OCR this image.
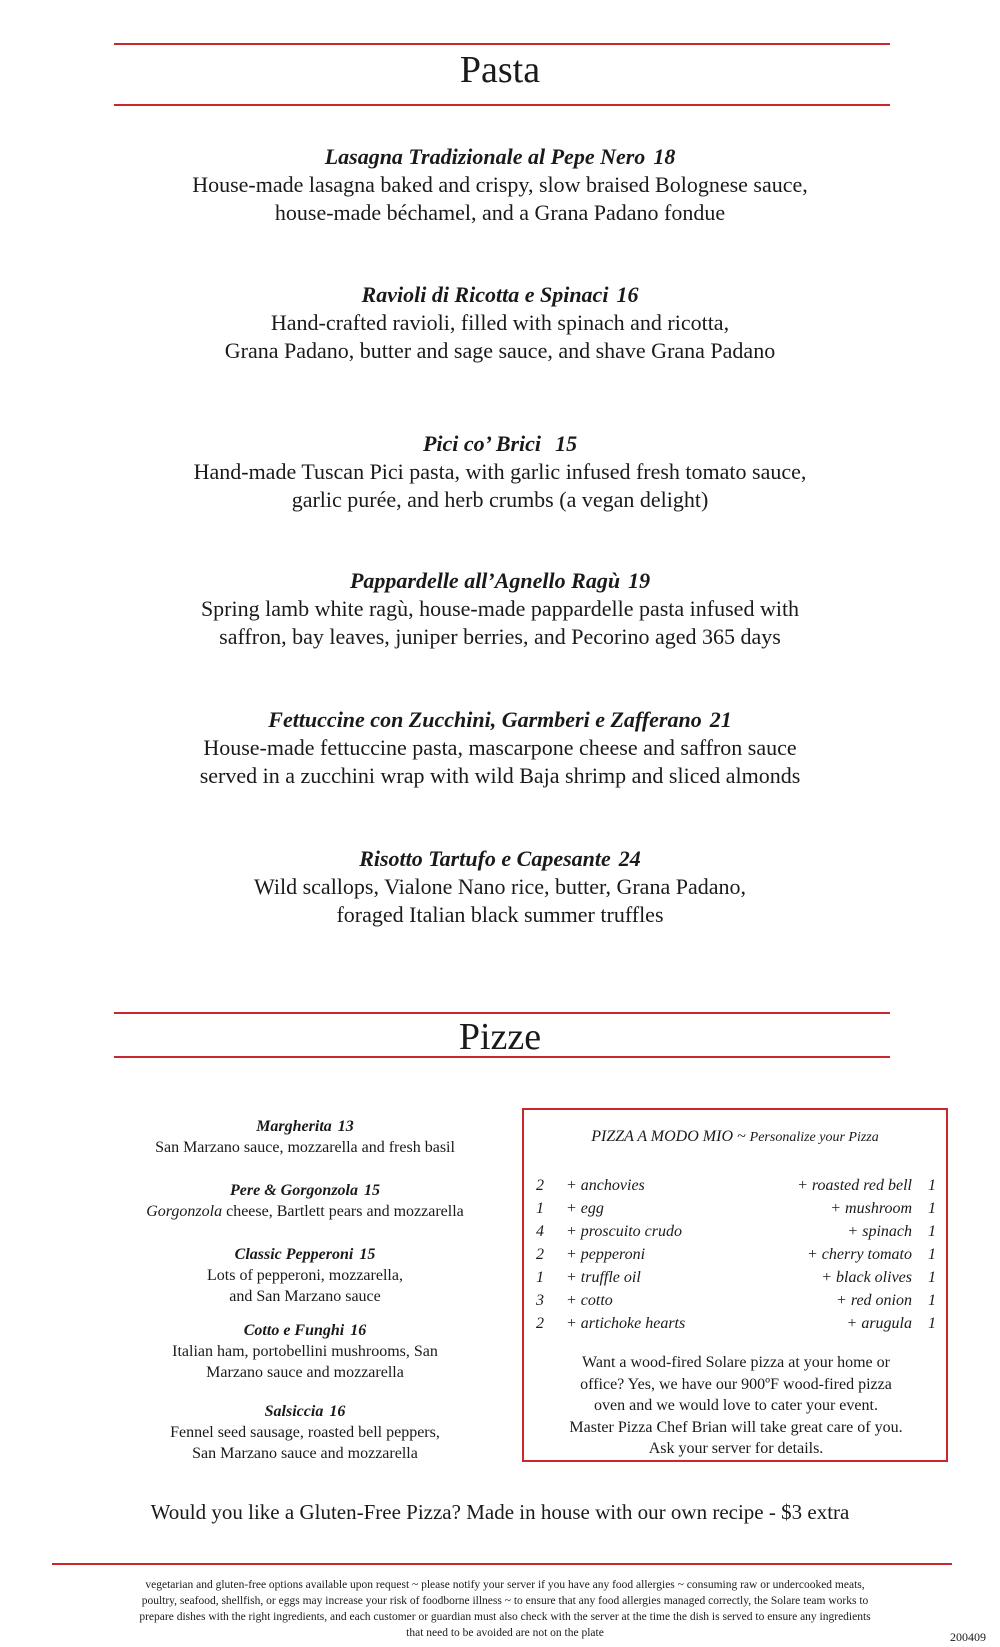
Pasta
Lasagna Tradizionale al Pepe Nero 18
House-made lasagna baked and crispy, slow braised Bolognese sauce,
house-made béchamel, and a Grana Padano fondue
Ravioli di Ricotta e Spinaci 16
Hand-crafted ravioli, filled with spinach and ricotta,
Grana Padano, butter and sage sauce, and shave Grana Padano
Pici co’ Brici 15
Hand-made Tuscan Pici pasta, with garlic infused fresh tomato sauce,
garlic purée, and herb crumbs (a vegan delight)
Pappardelle all’Agnello Ragù 19
Spring lamb white ragù, house-made pappardelle pasta infused with
saffron, bay leaves, juniper berries, and Pecorino aged 365 days
Fettuccine con Zucchini, Garmberi e Zafferano 21
House-made fettuccine pasta, mascarpone cheese and saffron sauce
served in a zucchini wrap with wild Baja shrimp and sliced almonds
Risotto Tartufo e Capesante 24
Wild scallops, Vialone Nano rice, butter, Grana Padano,
foraged Italian black summer truffles
Pizze
Margherita 13
San Marzano sauce, mozzarella and fresh basil
Pere & Gorgonzola 15
Gorgonzola cheese, Bartlett pears and mozzarella
Classic Pepperoni 15
Lots of pepperoni, mozzarella,
and San Marzano sauce
Cotto e Funghi 16
Italian ham, portobellini mushrooms, San
Marzano sauce and mozzarella
Salsiccia 16
Fennel seed sausage, roasted bell peppers,
San Marzano sauce and mozzarella
PIZZA A MODO MIO ~ Personalize your Pizza
2 + anchovies
1 + egg
4 + proscuito crudo
2 + pepperoni
1 + truffle oil
3 + cotto
2 + artichoke hearts
+ roasted red bell 1
+ mushroom 1
+ spinach 1
+ cherry tomato 1
+ black olives 1
+ red onion 1
+ arugula 1
Want a wood-fired Solare pizza at your home or
office? Yes, we have our 900ºF wood-fired pizza
oven and we would love to cater your event.
Master Pizza Chef Brian will take great care of you.
Ask your server for details.
Would you like a Gluten-Free Pizza? Made in house with our own recipe - $3 extra
vegetarian and gluten-free options available upon request ~ please notify your server if you have any food allergies ~ consuming raw or undercooked meats,
poultry, seafood, shellfish, or eggs may increase your risk of foodborne illness ~ to ensure that any food allergies managed correctly, the Solare team works to
prepare dishes with the right ingredients, and each customer or guardian must also check with the server at the time the dish is served to ensure any ingredients
that need to be avoided are not on the plate	200409
